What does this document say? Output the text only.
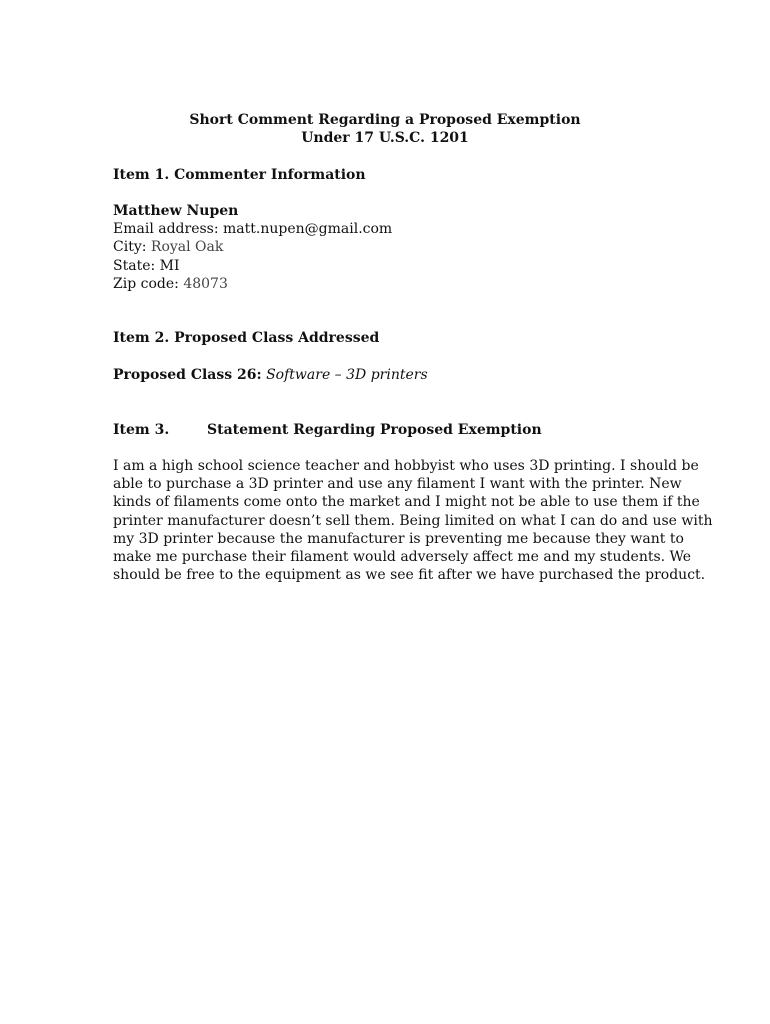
Short Comment Regarding a Proposed Exemption
Under 17 U.S.C. 1201
Item 1. Commenter Information
Matthew Nupen
Email address: matt.nupen@gmail.com
City: Royal Oak
State: MI
Zip code: 48073
Item 2. Proposed Class Addressed
Proposed Class 26: Software – 3D printers
Item 3.	Statement Regarding Proposed Exemption
I am a high school science teacher and hobbyist who uses 3D printing. I should be
able to purchase a 3D printer and use any filament I want with the printer. New
kinds of filaments come onto the market and I might not be able to use them if the
printer manufacturer doesn’t sell them. Being limited on what I can do and use with
my 3D printer because the manufacturer is preventing me because they want to
make me purchase their filament would adversely affect me and my students. We
should be free to the equipment as we see fit after we have purchased the product.
